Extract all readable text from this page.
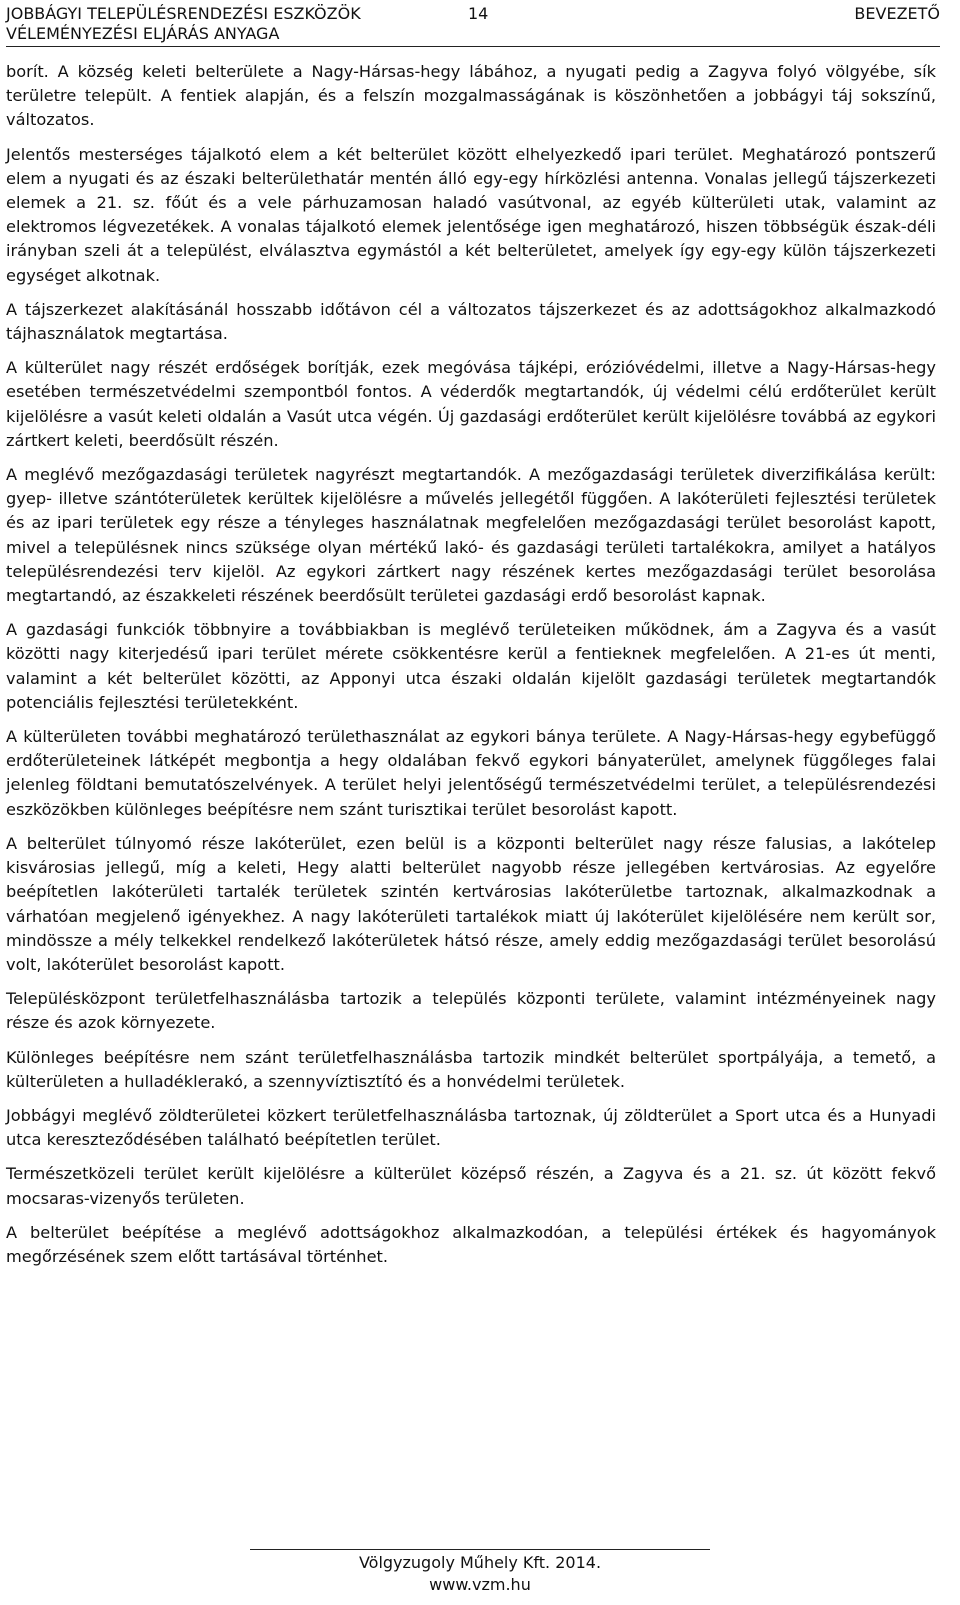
JOBBÁGYI TELEPÜLÉSRENDEZÉSI ESZKÖZÖK
VÉLEMÉNYEZÉSI ELJÁRÁS ANYAGA
14	BEVEZETŐ

borít. A község keleti belterülete a Nagy-Hársas-hegy lábához, a nyugati pedig a Zagyva folyó völgyébe, sík területre települt. A fentiek alapján, és a felszín mozgalmasságának is köszönhetően a jobbágyi táj sokszínű, változatos.

Jelentős mesterséges tájalkotó elem a két belterület között elhelyezkedő ipari terület. Meghatározó pontszerű elem a nyugati és az északi belterülethatár mentén álló egy-egy hírközlési antenna. Vonalas jellegű tájszerkezeti elemek a 21. sz. főút és a vele párhuzamosan haladó vasútvonal, az egyéb külterületi utak, valamint az elektromos légvezetékek. A vonalas tájalkotó elemek jelentősége igen meghatározó, hiszen többségük észak-déli irányban szeli át a települést, elválasztva egymástól a két belterületet, amelyek így egy-egy külön tájszerkezeti egységet alkotnak.

A tájszerkezet alakításánál hosszabb időtávon cél a változatos tájszerkezet és az adottságokhoz alkalmazkodó tájhasználatok megtartása.

A külterület nagy részét erdőségek borítják, ezek megóvása tájképi, erózióvédelmi, illetve a Nagy-Hársas-hegy esetében természetvédelmi szempontból fontos. A véderdők megtartandók, új védelmi célú erdőterület került kijelölésre a vasút keleti oldalán a Vasút utca végén. Új gazdasági erdőterület került kijelölésre továbbá az egykori zártkert keleti, beerdősült részén.

A meglévő mezőgazdasági területek nagyrészt megtartandók. A mezőgazdasági területek diverzifikálása került: gyep- illetve szántóterületek kerültek kijelölésre a művelés jellegétől függően. A lakóterületi fejlesztési területek és az ipari területek egy része a tényleges használatnak megfelelően mezőgazdasági terület besorolást kapott, mivel a településnek nincs szüksége olyan mértékű lakó- és gazdasági területi tartalékokra, amilyet a hatályos településrendezési terv kijelöl. Az egykori zártkert nagy részének kertes mezőgazdasági terület besorolása megtartandó, az északkeleti részének beerdősült területei gazdasági erdő besorolást kapnak.

A gazdasági funkciók többnyire a továbbiakban is meglévő területeiken működnek, ám a Zagyva és a vasút közötti nagy kiterjedésű ipari terület mérete csökkentésre kerül a fentieknek megfelelően. A 21-es út menti, valamint a két belterület közötti, az Apponyi utca északi oldalán kijelölt gazdasági területek megtartandók potenciális fejlesztési területekként.

A külterületen további meghatározó területhasználat az egykori bánya területe. A Nagy-Hársas-hegy egybefüggő erdőterületeinek látképét megbontja a hegy oldalában fekvő egykori bányaterület, amelynek függőleges falai jelenleg földtani bemutatószelvények. A terület helyi jelentőségű természetvédelmi terület, a településrendezési eszközökben különleges beépítésre nem szánt turisztikai terület besorolást kapott.

A belterület túlnyomó része lakóterület, ezen belül is a központi belterület nagy része falusias, a lakótelep kisvárosias jellegű, míg a keleti, Hegy alatti belterület nagyobb része jellegében kertvárosias. Az egyelőre beépítetlen lakóterületi tartalék területek szintén kertvárosias lakóterületbe tartoznak, alkalmazkodnak a várhatóan megjelenő igényekhez. A nagy lakóterületi tartalékok miatt új lakóterület kijelölésére nem került sor, mindössze a mély telkekkel rendelkező lakóterületek hátsó része, amely eddig mezőgazdasági terület besorolású volt, lakóterület besorolást kapott.

Településközpont területfelhasználásba tartozik a település központi területe, valamint intézményeinek nagy része és azok környezete.

Különleges beépítésre nem szánt területfelhasználásba tartozik mindkét belterület sportpályája, a temető, a külterületen a hulladéklerakó, a szennyvíztisztító és a honvédelmi területek.

Jobbágyi meglévő zöldterületei közkert területfelhasználásba tartoznak, új zöldterület a Sport utca és a Hunyadi utca kereszteződésében található beépítetlen terület.

Természetközeli terület került kijelölésre a külterület középső részén, a Zagyva és a 21. sz. út között fekvő mocsaras-vizenyős területen.

A belterület beépítése a meglévő adottságokhoz alkalmazkodóan, a települési értékek és hagyományok megőrzésének szem előtt tartásával történhet.

Völgyzugoly Műhely Kft. 2014.
www.vzm.hu
